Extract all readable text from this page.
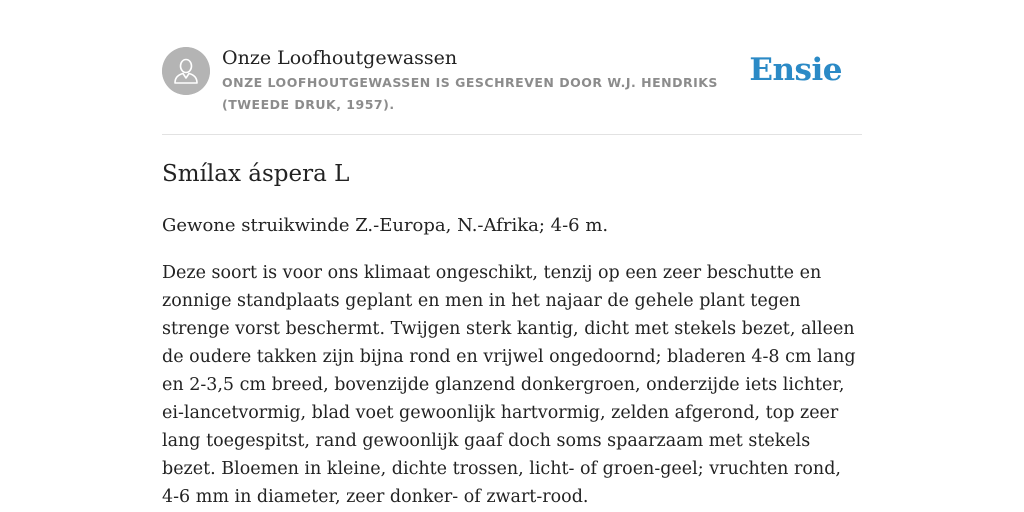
Onze Loofhoutgewassen
ONZE LOOFHOUTGEWASSEN IS GESCHREVEN DOOR W.J. HENDRIKS (TWEEDE DRUK, 1957).
Ensie
Smílax áspera L

Gewone struikwinde Z.-Europa, N.-Afrika; 4-6 m.

Deze soort is voor ons klimaat ongeschikt, tenzij op een zeer beschutte en zonnige standplaats geplant en men in het najaar de gehele plant tegen strenge vorst beschermt. Twijgen sterk kantig, dicht met stekels bezet, alleen de oudere takken zijn bijna rond en vrijwel ongedoornd; bladeren 4-8 cm lang en 2-3,5 cm breed, bovenzijde glanzend donkergroen, onderzijde iets lichter, ei-lancetvormig, blad voet gewoonlijk hartvormig, zelden afgerond, top zeer lang toegespitst, rand gewoonlijk gaaf doch soms spaarzaam met stekels bezet. Bloemen in kleine, dichte trossen, licht- of groen-geel; vruchten rond, 4-6 mm in diameter, zeer donker- of zwart-rood.
